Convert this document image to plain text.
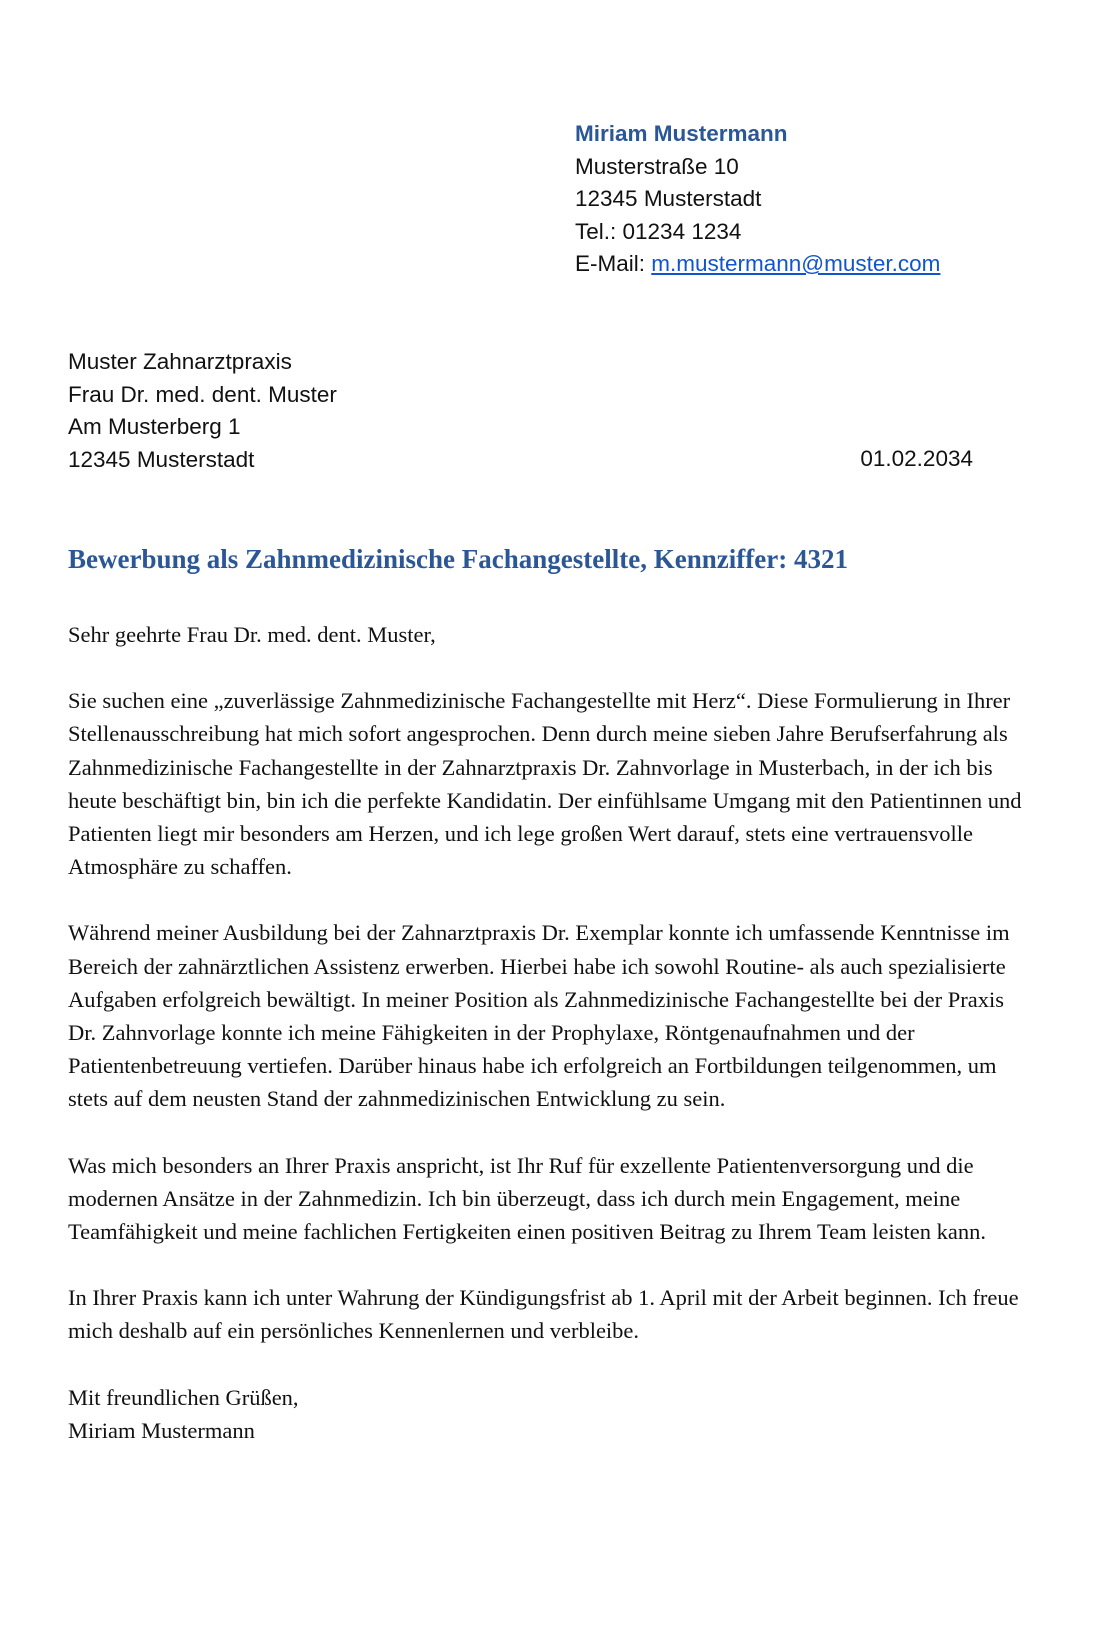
Miriam Mustermann
Musterstraße 10
12345 Musterstadt
Tel.: 01234 1234
E-Mail: m.mustermann@muster.com
Muster Zahnarztpraxis
Frau Dr. med. dent. Muster
Am Musterberg 1
12345 Musterstadt	01.02.2034
Bewerbung als Zahnmedizinische Fachangestellte, Kennziffer: 4321

Sehr geehrte Frau Dr. med. dent. Muster,

Sie suchen eine „zuverlässige Zahnmedizinische Fachangestellte mit Herz“. Diese Formulierung in Ihrer Stellenausschreibung hat mich sofort angesprochen. Denn durch meine sieben Jahre Berufserfahrung als Zahnmedizinische Fachangestellte in der Zahnarztpraxis Dr. Zahnvorlage in Musterbach, in der ich bis heute beschäftigt bin, bin ich die perfekte Kandidatin. Der einfühlsame Umgang mit den Patientinnen und Patienten liegt mir besonders am Herzen, und ich lege großen Wert darauf, stets eine vertrauensvolle Atmosphäre zu schaffen.

Während meiner Ausbildung bei der Zahnarztpraxis Dr. Exemplar konnte ich umfassende Kenntnisse im Bereich der zahnärztlichen Assistenz erwerben. Hierbei habe ich sowohl Routine- als auch spezialisierte Aufgaben erfolgreich bewältigt. In meiner Position als Zahnmedizinische Fachangestellte bei der Praxis Dr. Zahnvorlage konnte ich meine Fähigkeiten in der Prophylaxe, Röntgenaufnahmen und der Patientenbetreuung vertiefen. Darüber hinaus habe ich erfolgreich an Fortbildungen teilgenommen, um stets auf dem neusten Stand der zahnmedizinischen Entwicklung zu sein.

Was mich besonders an Ihrer Praxis anspricht, ist Ihr Ruf für exzellente Patientenversorgung und die modernen Ansätze in der Zahnmedizin. Ich bin überzeugt, dass ich durch mein Engagement, meine Teamfähigkeit und meine fachlichen Fertigkeiten einen positiven Beitrag zu Ihrem Team leisten kann.

In Ihrer Praxis kann ich unter Wahrung der Kündigungsfrist ab 1. April mit der Arbeit beginnen. Ich freue mich deshalb auf ein persönliches Kennenlernen und verbleibe.

Mit freundlichen Grüßen,
Miriam Mustermann
